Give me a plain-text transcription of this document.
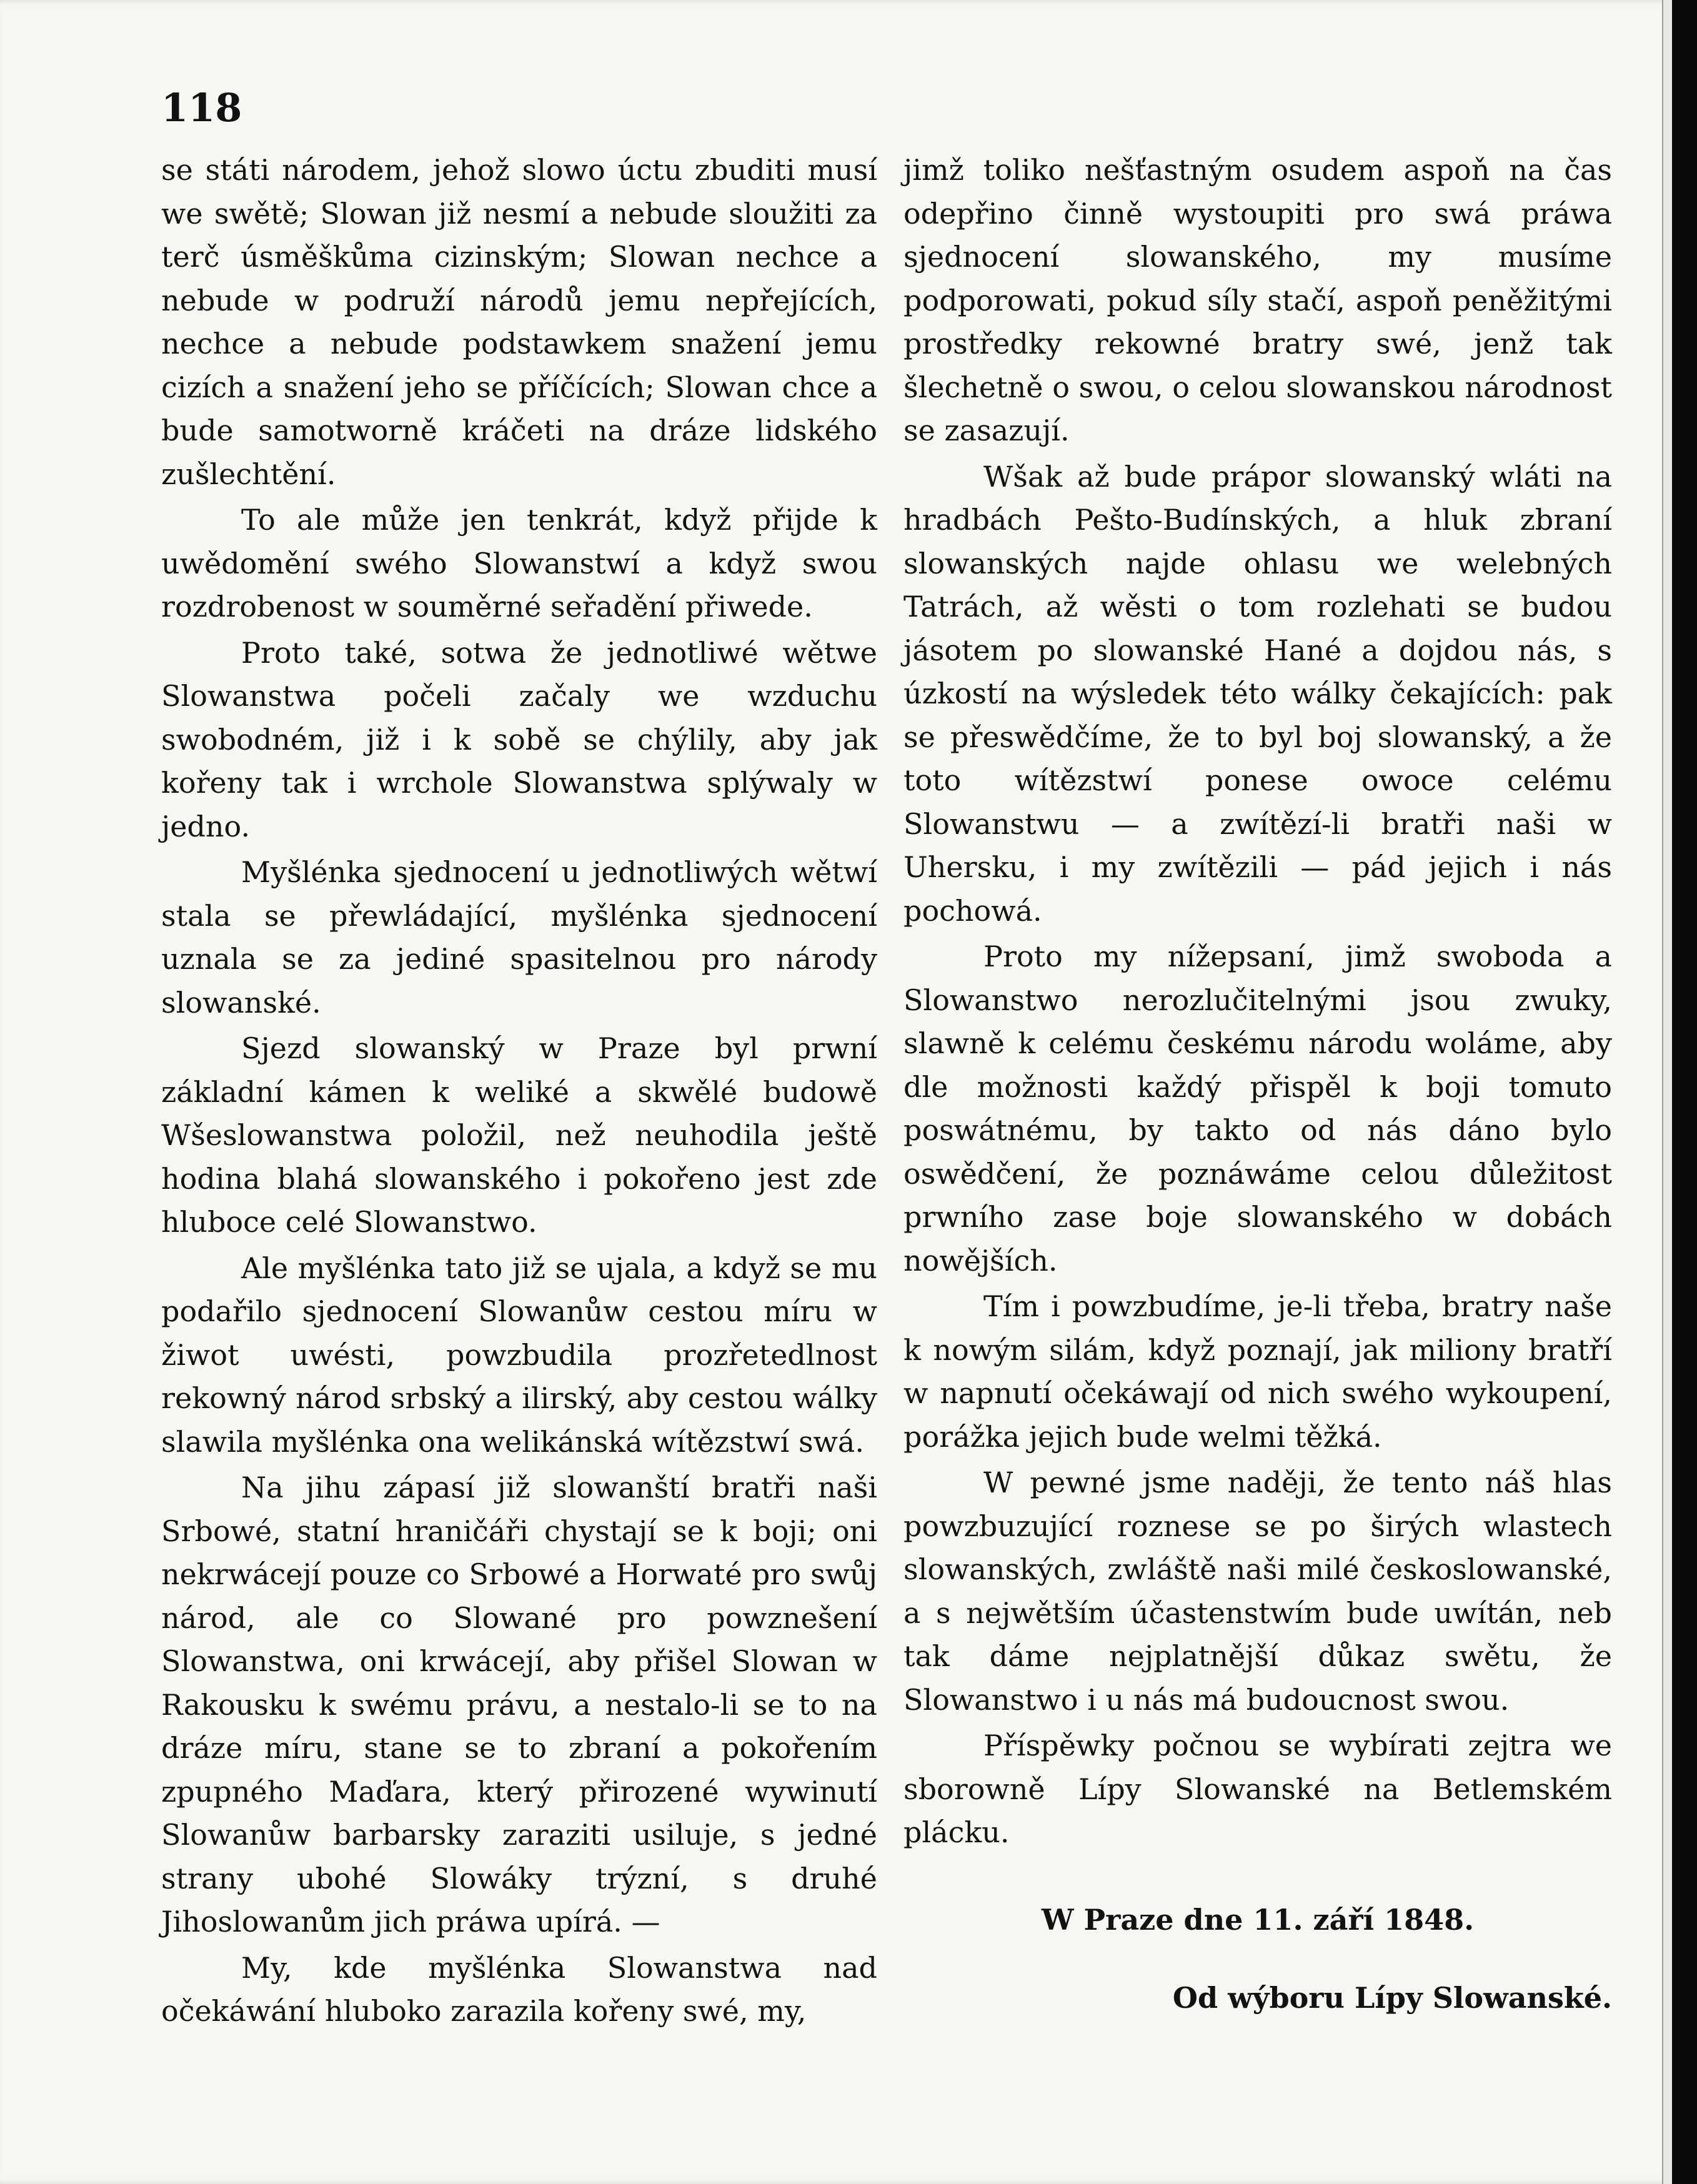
118

se státi národem, jehož slowo úctu zbuditi musí we swětě; Slowan již nesmí a nebude sloužiti za terč úsměškůma cizinským; Slowan nechce a nebude w podruží národů jemu nepřejících, nechce a nebude podstawkem snažení jemu cizích a snažení jeho se příčících; Slowan chce a bude samotworně kráčeti na dráze lidského zušlechtění.

To ale může jen tenkrát, když přijde k uwědomění swého Slowanstwí a když swou rozdrobenost w souměrné seřadění přiwede.

Proto také, sotwa že jednotliwé wětwe Slowanstwa počeli začaly we wzduchu swobodném, již i k sobě se chýlily, aby jak kořeny tak i wrchole Slowanstwa splýwaly w jedno.

Myšlénka sjednocení u jednotliwých wětwí stala se přewládající, myšlénka sjednocení uznala se za jediné spasitelnou pro národy slowanské.

Sjezd slowanský w Praze byl prwní základní kámen k weliké a skwělé budowě Wšeslowanstwa položil, než neuhodila ještě hodina blahá slowanského i pokořeno jest zde hluboce celé Slowanstwo.

Ale myšlénka tato již se ujala, a když se mu podařilo sjednocení Slowanůw cestou míru w žiwot uwésti, powzbudila prozřetedlnost rekowný národ srbský a ilirský, aby cestou wálky slawila myšlénka ona welikánská wítězstwí swá.

Na jihu zápasí již slowanští bratři naši Srbowé, statní hraničáři chystají se k boji; oni nekrwácejí pouze co Srbowé a Horwaté pro swůj národ, ale co Slowané pro powznešení Slowanstwa, oni krwácejí, aby přišel Slowan w Rakousku k swému právu, a nestalo-li se to na dráze míru, stane se to zbraní a pokořením zpupného Maďara, který přirozené wywinutí Slowanůw barbarsky zaraziti usiluje, s jedné strany ubohé Slowáky trýzní, s druhé Jihoslowanům jich práwa upírá. —

My, kde myšlénka Slowanstwa nad očekáwání hluboko zarazila kořeny swé, my,

jimž toliko nešťastným osudem aspoň na čas odepřino činně wystoupiti pro swá práwa sjednocení slowanského, my musíme podporowati, pokud síly stačí, aspoň peněžitými prostředky rekowné bratry swé, jenž tak šlechetně o swou, o celou slowanskou národnost se zasazují.

Wšak až bude prápor slowanský wláti na hradbách Pešto-Budínských, a hluk zbraní slowanských najde ohlasu we welebných Tatrách, až wěsti o tom rozlehati se budou jásotem po slowanské Hané a dojdou nás, s úzkostí na wýsledek této wálky čekajících: pak se přeswědčíme, že to byl boj slowanský, a že toto wítězstwí ponese owoce celému Slowanstwu — a zwítězí-li bratři naši w Uhersku, i my zwítězili — pád jejich i nás pochowá.

Proto my nížepsaní, jimž swoboda a Slowanstwo nerozlučitelnými jsou zwuky, slawně k celému českému národu woláme, aby dle možnosti každý přispěl k boji tomuto poswátnému, by takto od nás dáno bylo oswědčení, že poznáwáme celou důležitost prwního zase boje slowanského w dobách nowějších.

Tím i powzbudíme, je-li třeba, bratry naše k nowým silám, když poznají, jak miliony bratří w napnutí očekáwají od nich swého wykoupení, porážka jejich bude welmi těžká.

W pewné jsme naději, že tento náš hlas powzbuzující roznese se po širých wlastech slowanských, zwláště naši milé českoslowanské, a s nejwětším účastenstwím bude uwítán, neb tak dáme nejplatnější důkaz swětu, že Slowanstwo i u nás má budoucnost swou.

Příspěwky počnou se wybírati zejtra we sborowně Lípy Slowanské na Betlemském plácku.

W Praze dne 11. září 1848.

Od wýboru Lípy Slowanské.
